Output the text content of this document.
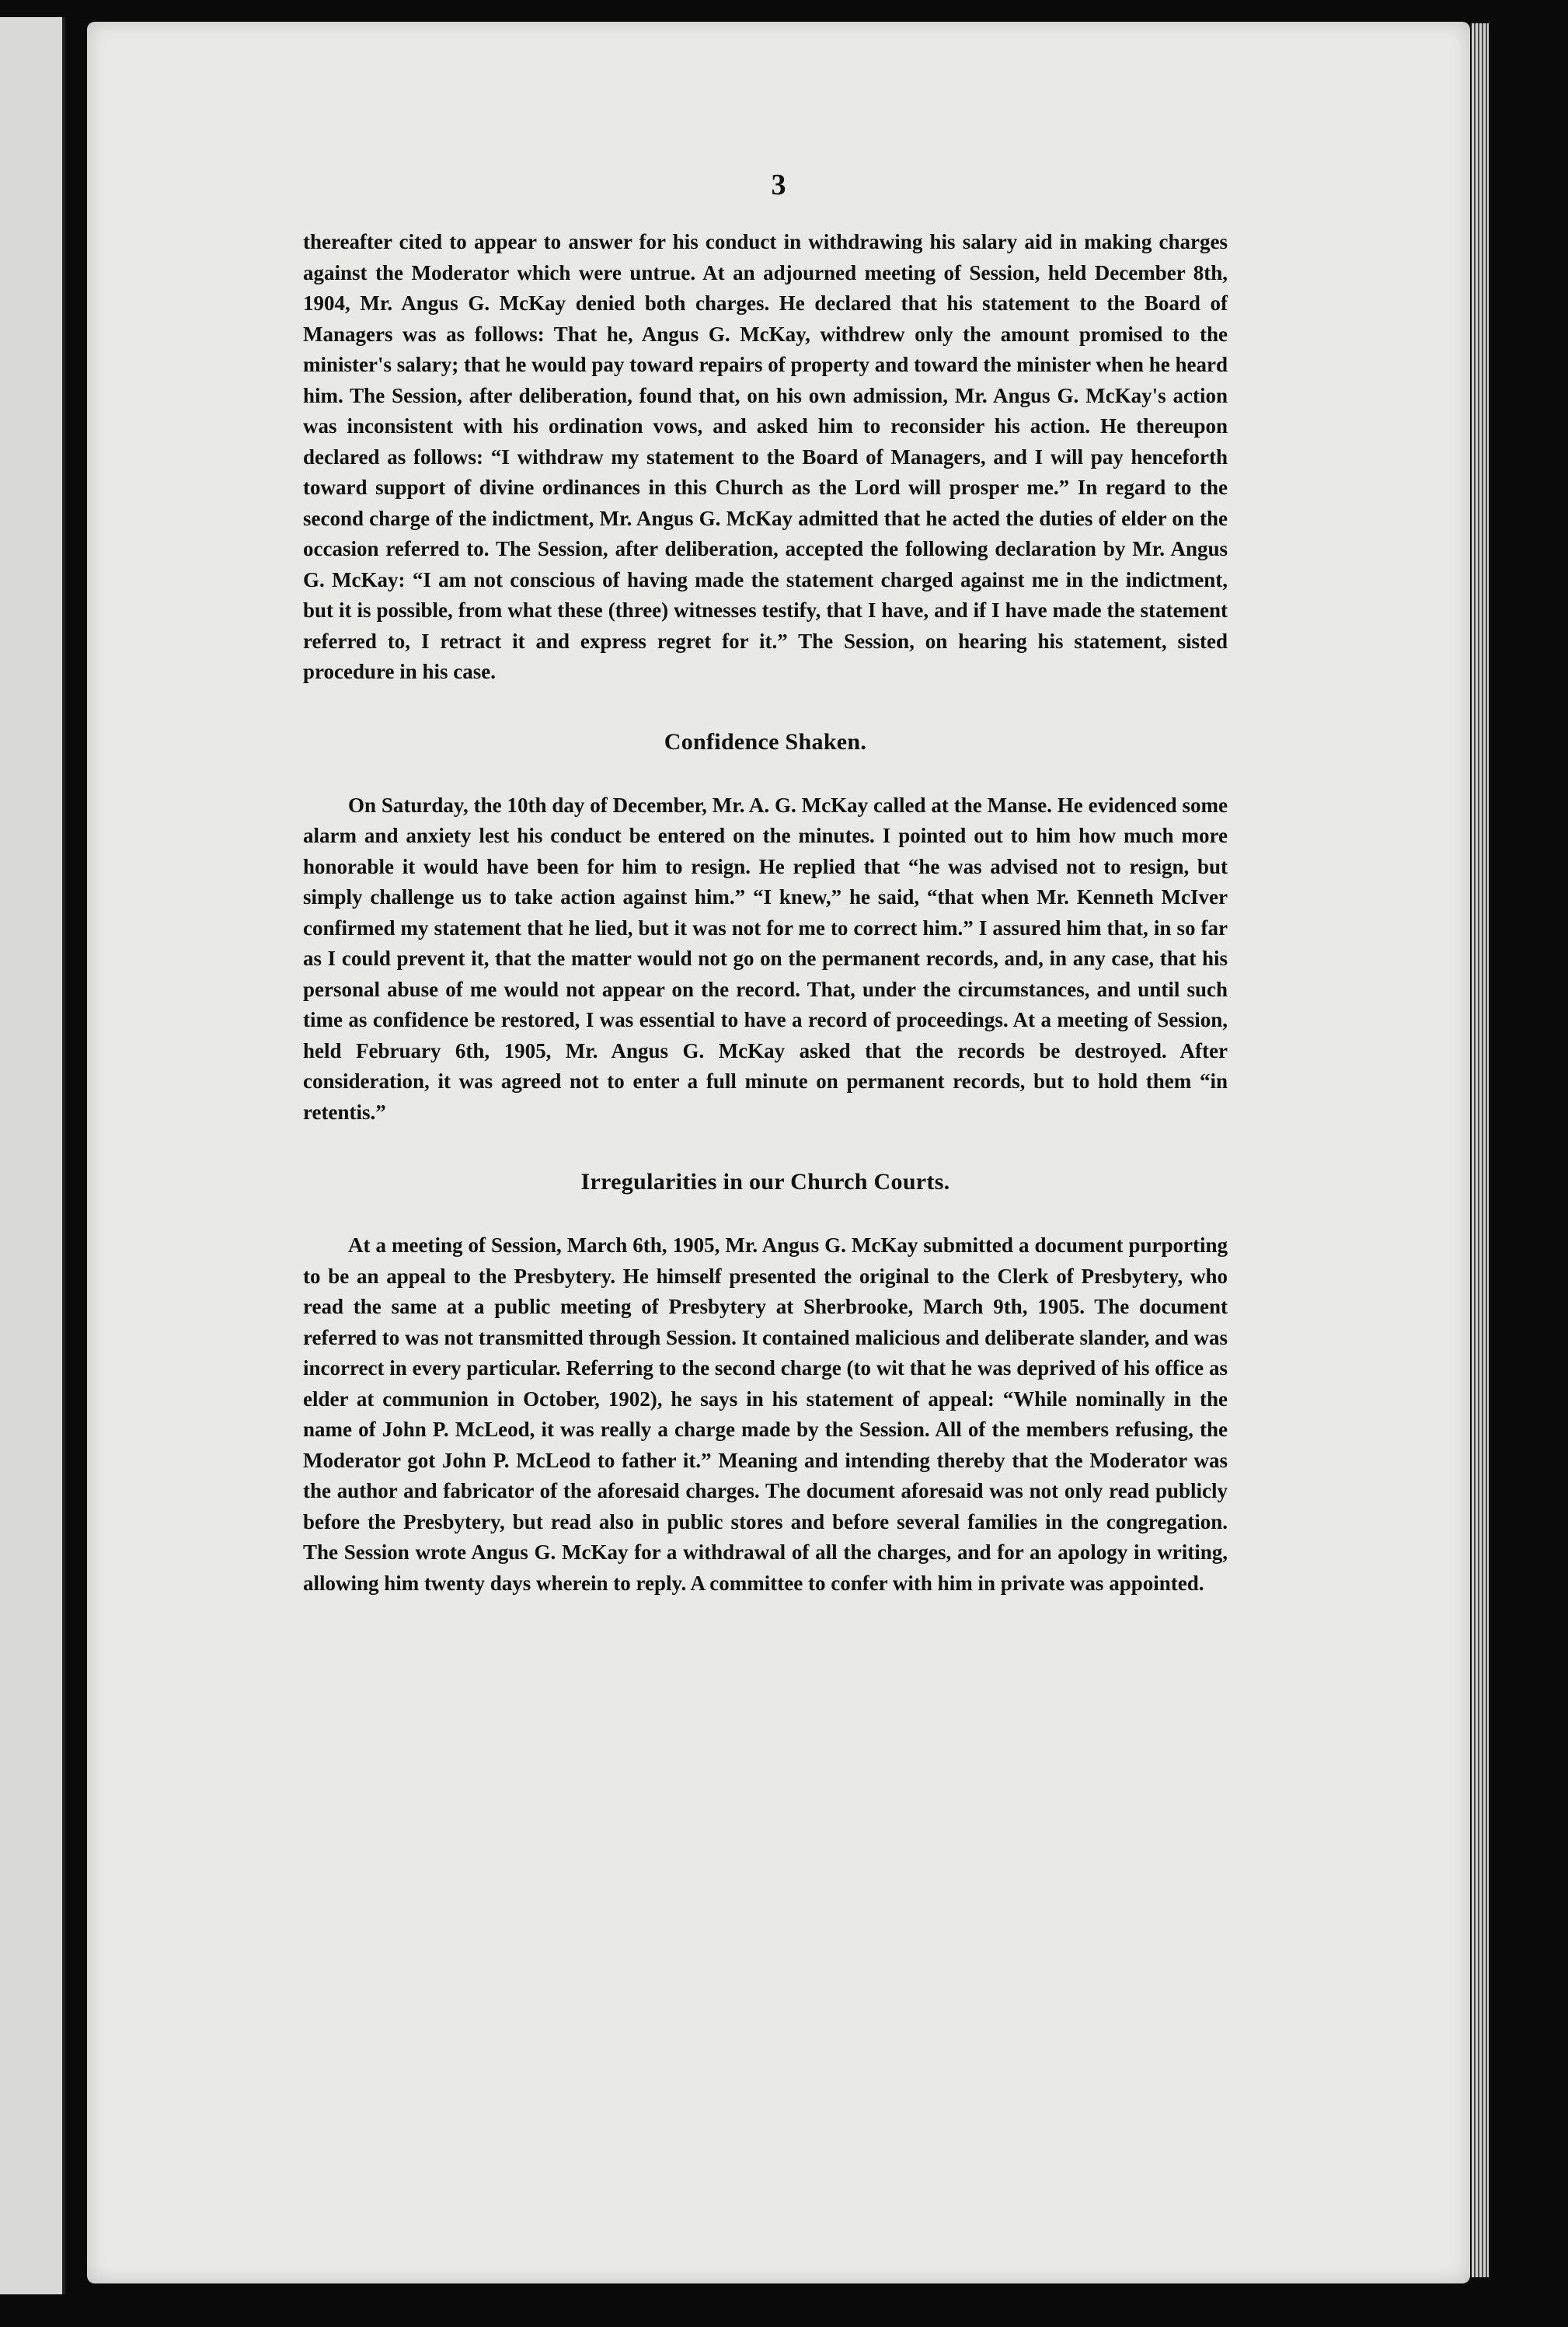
3

thereafter cited to appear to answer for his conduct in withdrawing his salary aid in making charges against the Moderator which were untrue. At an adjourned meeting of Session, held December 8th, 1904, Mr. Angus G. McKay denied both charges. He declared that his statement to the Board of Managers was as follows: That he, Angus G. McKay, withdrew only the amount promised to the minister's salary; that he would pay toward repairs of property and toward the minister when he heard him. The Session, after deliberation, found that, on his own admission, Mr. Angus G. McKay's action was inconsistent with his ordination vows, and asked him to reconsider his action. He thereupon declared as follows: “I withdraw my statement to the Board of Managers, and I will pay henceforth toward support of divine ordinances in this Church as the Lord will prosper me.” In regard to the second charge of the indictment, Mr. Angus G. McKay admitted that he acted the duties of elder on the occasion referred to. The Session, after deliberation, accepted the following declaration by Mr. Angus G. McKay: “I am not conscious of having made the statement charged against me in the indictment, but it is possible, from what these (three) witnesses testify, that I have, and if I have made the statement referred to, I retract it and express regret for it.” The Session, on hearing his statement, sisted procedure in his case.

Confidence Shaken.

On Saturday, the 10th day of December, Mr. A. G. McKay called at the Manse. He evidenced some alarm and anxiety lest his conduct be entered on the minutes. I pointed out to him how much more honorable it would have been for him to resign. He replied that “he was advised not to resign, but simply challenge us to take action against him.” “I knew,” he said, “that when Mr. Kenneth McIver confirmed my statement that he lied, but it was not for me to correct him.” I assured him that, in so far as I could prevent it, that the matter would not go on the permanent records, and, in any case, that his personal abuse of me would not appear on the record. That, under the circumstances, and until such time as confidence be restored, I was essential to have a record of proceedings. At a meeting of Session, held February 6th, 1905, Mr. Angus G. McKay asked that the records be destroyed. After consideration, it was agreed not to enter a full minute on permanent records, but to hold them “in retentis.”

Irregularities in our Church Courts.

At a meeting of Session, March 6th, 1905, Mr. Angus G. McKay submitted a document purporting to be an appeal to the Presbytery. He himself presented the original to the Clerk of Presbytery, who read the same at a public meeting of Presbytery at Sherbrooke, March 9th, 1905. The document referred to was not transmitted through Session. It contained malicious and deliberate slander, and was incorrect in every particular. Referring to the second charge (to wit that he was deprived of his office as elder at communion in October, 1902), he says in his statement of appeal: “While nominally in the name of John P. McLeod, it was really a charge made by the Session. All of the members refusing, the Moderator got John P. McLeod to father it.” Meaning and intending thereby that the Moderator was the author and fabricator of the aforesaid charges. The document aforesaid was not only read publicly before the Presbytery, but read also in public stores and before several families in the congregation. The Session wrote Angus G. McKay for a withdrawal of all the charges, and for an apology in writing, allowing him twenty days wherein to reply. A committee to confer with him in private was appointed.
